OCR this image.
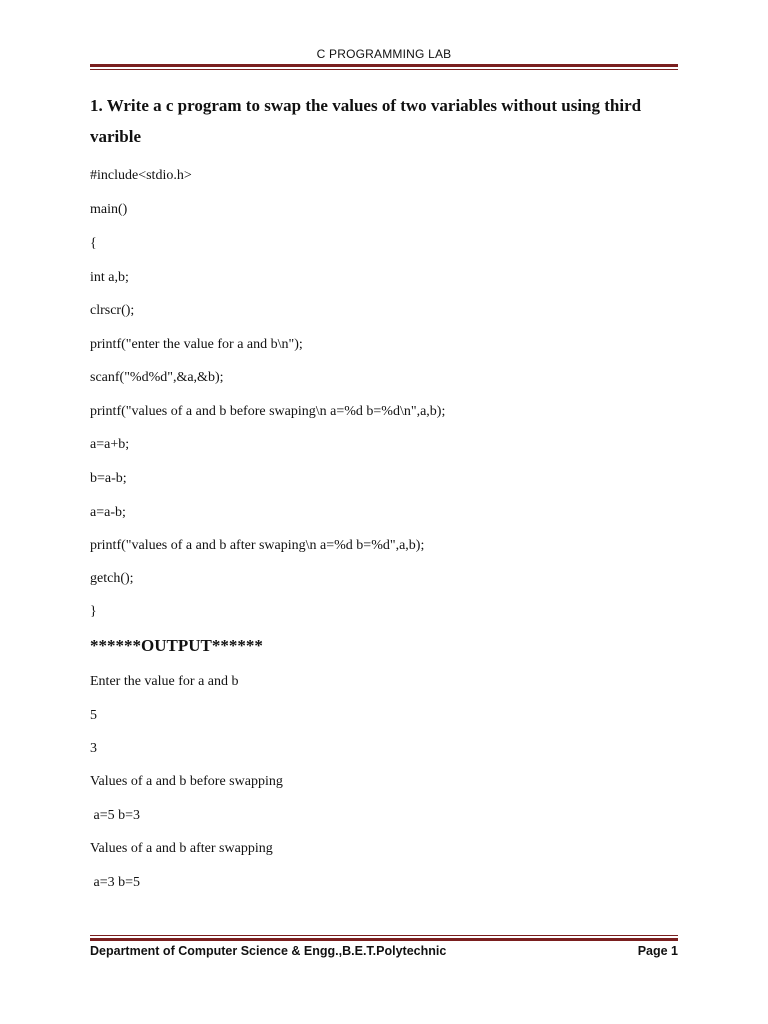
C PROGRAMMING LAB
1. Write a c program to swap the values of two variables without using third varible
#include<stdio.h>
main()
{
int a,b;
clrscr();
printf("enter the value for a and b\n");
scanf("%d%d",&a,&b);
printf("values of a and b before swaping\n a=%d b=%d\n",a,b);
a=a+b;
b=a-b;
a=a-b;
printf("values of a and b after swaping\n a=%d b=%d",a,b);
getch();
}
******OUTPUT******
Enter the value for a and b
5
3
Values of a and b before swapping
a=5 b=3
Values of a and b after swapping
a=3 b=5
Department of Computer Science & Engg.,B.E.T.Polytechnic	Page 1
